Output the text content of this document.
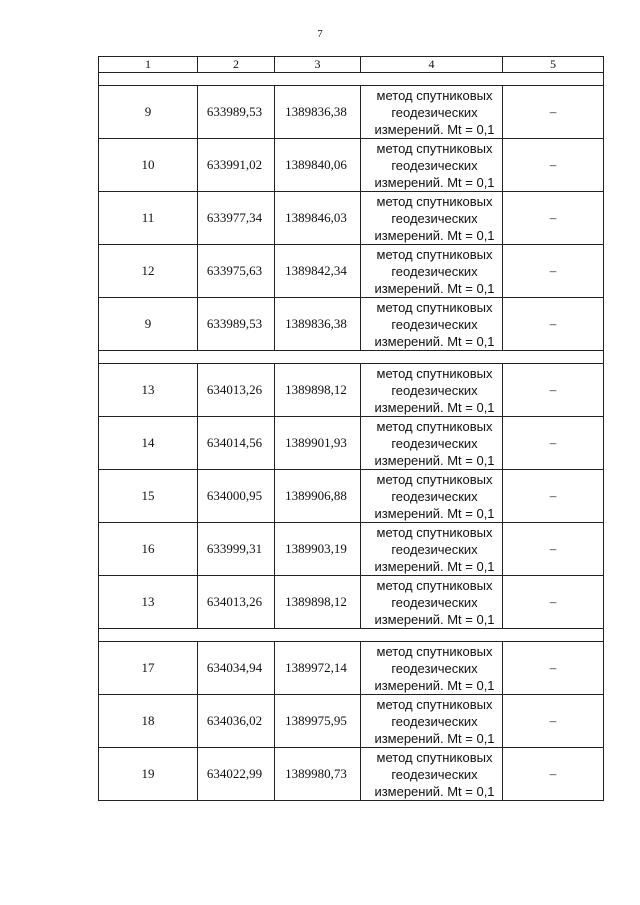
7
1	2	3	4	5

9	633989,53	1389836,38	метод спутниковых
геодезических
измерений. Mt = 0,1	–
10	633991,02	1389840,06	метод спутниковых
геодезических
измерений. Mt = 0,1	–
11	633977,34	1389846,03	метод спутниковых
геодезических
измерений. Mt = 0,1	–
12	633975,63	1389842,34	метод спутниковых
геодезических
измерений. Mt = 0,1	–
9	633989,53	1389836,38	метод спутниковых
геодезических
измерений. Mt = 0,1	–

13	634013,26	1389898,12	метод спутниковых
геодезических
измерений. Mt = 0,1	–
14	634014,56	1389901,93	метод спутниковых
геодезических
измерений. Mt = 0,1	–
15	634000,95	1389906,88	метод спутниковых
геодезических
измерений. Mt = 0,1	–
16	633999,31	1389903,19	метод спутниковых
геодезических
измерений. Mt = 0,1	–
13	634013,26	1389898,12	метод спутниковых
геодезических
измерений. Mt = 0,1	–

17	634034,94	1389972,14	метод спутниковых
геодезических
измерений. Mt = 0,1	–
18	634036,02	1389975,95	метод спутниковых
геодезических
измерений. Mt = 0,1	–
19	634022,99	1389980,73	метод спутниковых
геодезических
измерений. Mt = 0,1	–
